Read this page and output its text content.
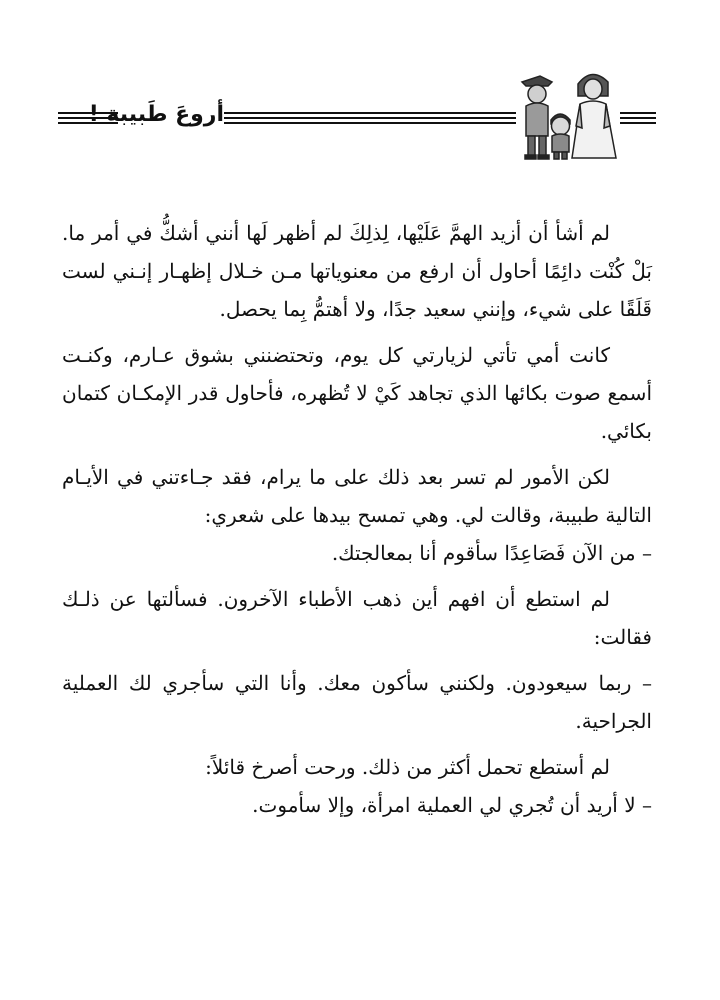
أروعَ طَبيبة !

لم أشأ أن أزيد الهمَّ عَلَيْها، لِذلِكَ لم أظهر لَها أنني أشكُّ في أمر ما. بَلْ كُنْت دائِمًا أحاول أن ارفع من معنوياتها مـن خـلال إظهـار إنـني لست قَلَقًا على شيء، وإنني سعيد جدًا، ولا أهتمُّ بِما يحصل.

كانت أمي تأتي لزيارتي كل يوم، وتحتضنني بشوق عـارم، وكنـت أسمع صوت بكائها الذي تجاهد كَيْ لا تُظهره، فأحاول قدر الإمكـان كتمان بكائي.

لكن الأمور لم تسر بعد ذلك على ما يرام، فقد جـاءتني في الأيـام التالية طبيبة، وقالت لي. وهي تمسح بيدها على شعري:

– من الآن فَصَاعِدًا سأقوم أنا بمعالجتك.

لم استطع أن افهم أين ذهب الأطباء الآخرون. فسألتها عن ذلـك فقالت:

– ربما سيعودون. ولكنني سأكون معك. وأنا التي سأجري لك العملية الجراحية.

لم أستطع تحمل أكثر من ذلك. ورحت أصرخ قائلاً:

– لا أريد أن تُجري لي العملية امرأة، وإلا سأموت.
